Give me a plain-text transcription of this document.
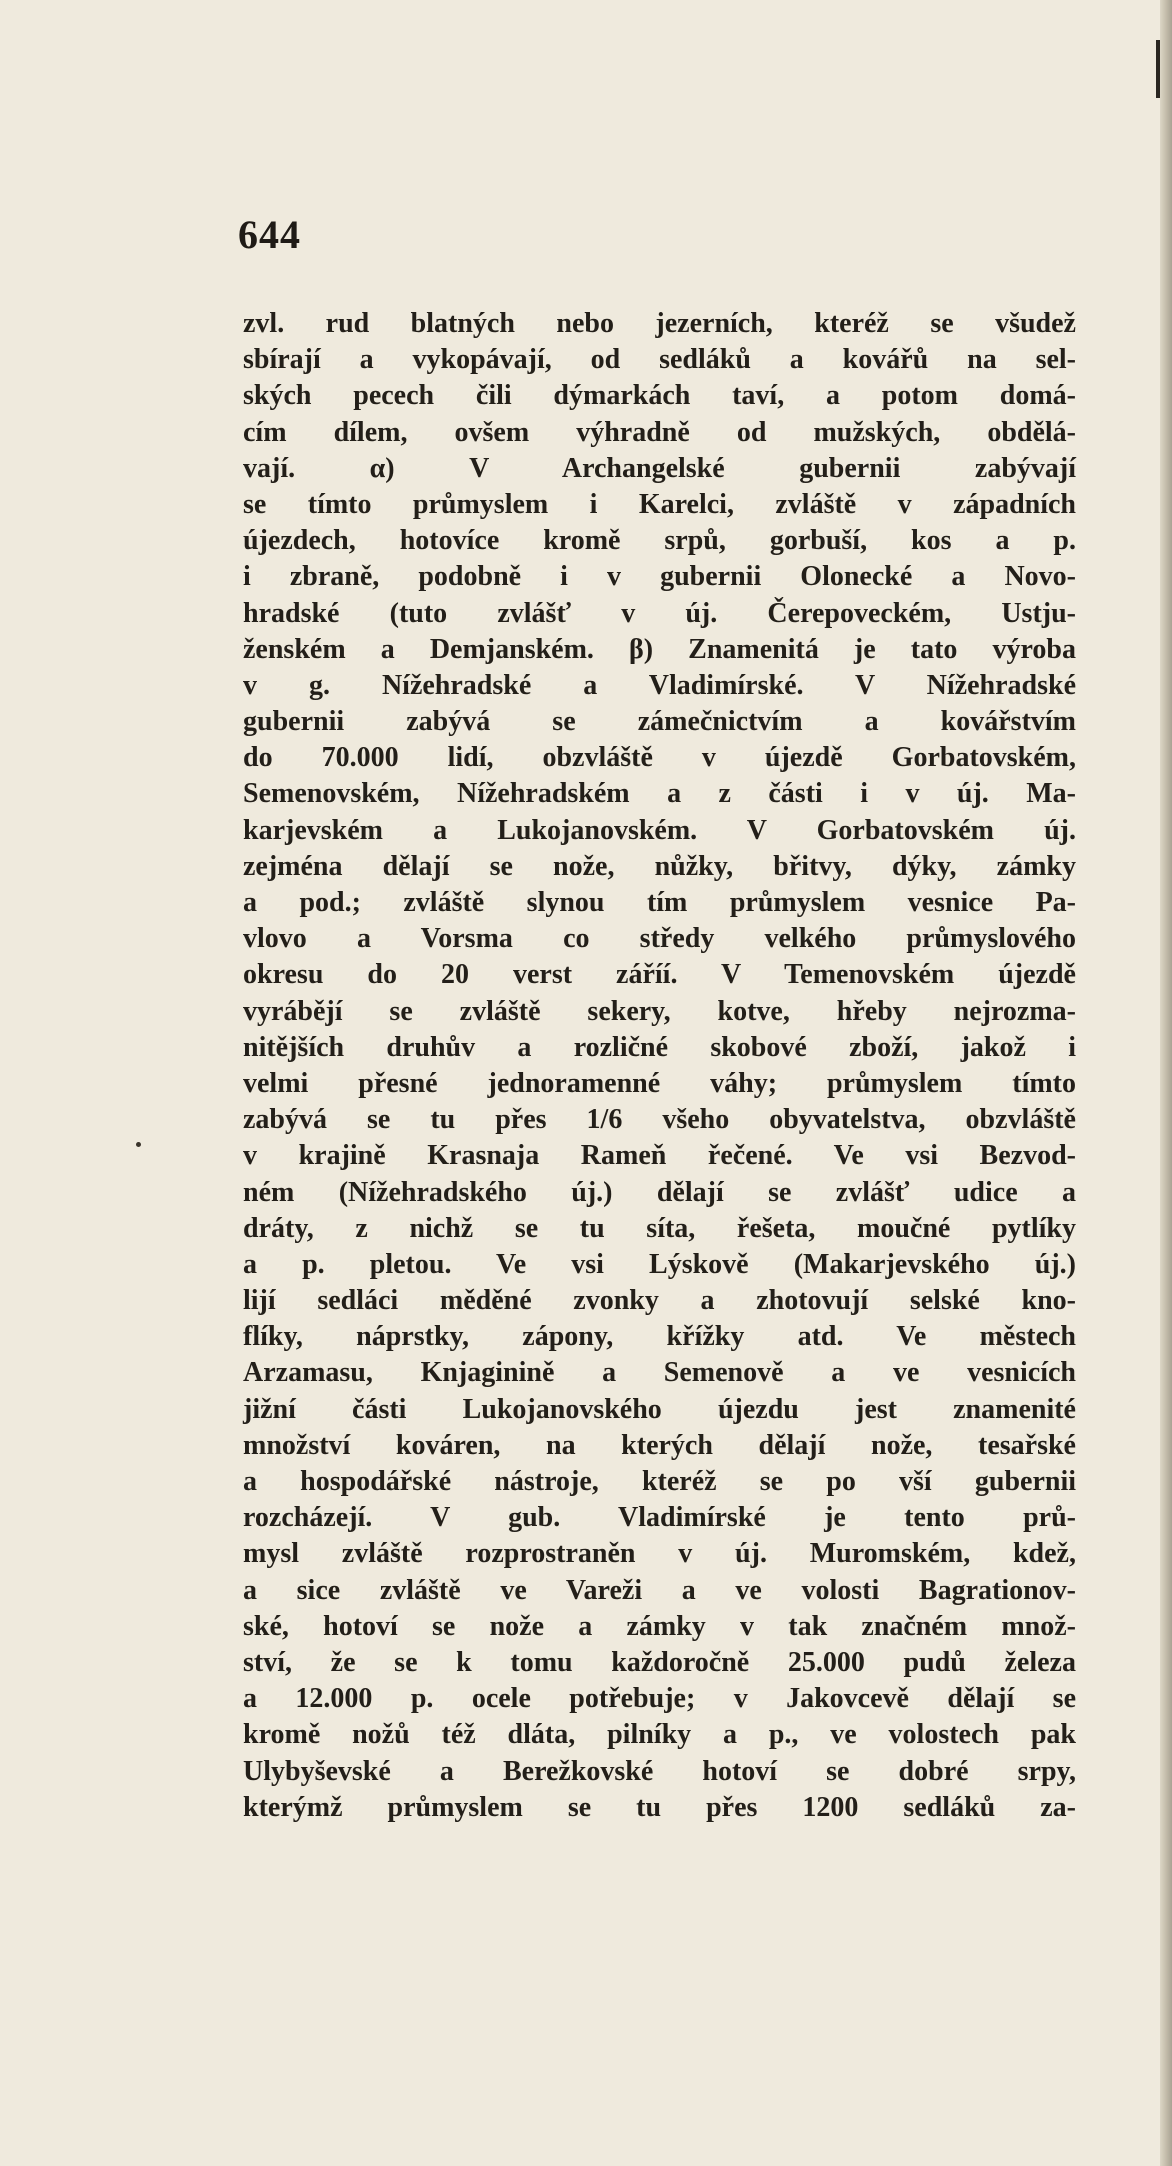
644

zvl. rud blatných nebo jezerních, kteréž se všudež
sbírají a vykopávají, od sedláků a kovářů na sel-
ských pecech čili dýmarkách taví, a potom domá-
cím dílem, ovšem výhradně od mužských, obdělá-
vají. α) V Archangelské gubernii zabývají
se tímto průmyslem i Karelci, zvláště v západních
újezdech, hotovíce kromě srpů, gorbuší, kos a p.
i zbraně, podobně i v gubernii Olonecké a Novo-
hradské (tuto zvlášť v új. Čerepoveckém, Ustju-
ženském a Demjanském. β) Znamenitá je tato výroba
v g. Nížehradské a Vladimírské. V Nížehradské
gubernii zabývá se zámečnictvím a kovářstvím
do 70.000 lidí, obzvláště v újezdě Gorbatovském,
Semenovském, Nížehradském a z části i v új. Ma-
karjevském a Lukojanovském. V Gorbatovském új.
zejména dělají se nože, nůžky, břitvy, dýky, zámky
a pod.; zvláště slynou tím průmyslem vesnice Pa-
vlovo a Vorsma co středy velkého průmyslového
okresu do 20 verst záříí. V Temenovském újezdě
vyrábějí se zvláště sekery, kotve, hřeby nejrozma-
nitějších druhův a rozličné skobové zboží, jakož i
velmi přesné jednoramenné váhy; průmyslem tímto
zabývá se tu přes 1/6 všeho obyvatelstva, obzvláště
v krajině Krasnaja Rameň řečené. Ve vsi Bezvod-
ném (Nížehradského új.) dělají se zvlášť udice a
dráty, z nichž se tu síta, řešeta, moučné pytlíky
a p. pletou. Ve vsi Lýskově (Makarjevského új.)
lijí sedláci měděné zvonky a zhotovují selské kno-
flíky, náprstky, zápony, křížky atd. Ve městech
Arzamasu, Knjaginině a Semenově a ve vesnicích
jižní části Lukojanovského újezdu jest znamenité
množství kováren, na kterých dělají nože, tesařské
a hospodářské nástroje, kteréž se po vší gubernii
rozcházejí. V gub. Vladimírské je tento prů-
mysl zvláště rozprostraněn v új. Muromském, kdež,
a sice zvláště ve Vareži a ve volosti Bagrationov-
ské, hotoví se nože a zámky v tak značném množ-
ství, že se k tomu každoročně 25.000 pudů železa
a 12.000 p. ocele potřebuje; v Jakovcevě dělají se
kromě nožů též dláta, pilníky a p., ve volostech pak
Ulybyševské a Berežkovské hotoví se dobré srpy,
kterýmž průmyslem se tu přes 1200 sedláků za-
